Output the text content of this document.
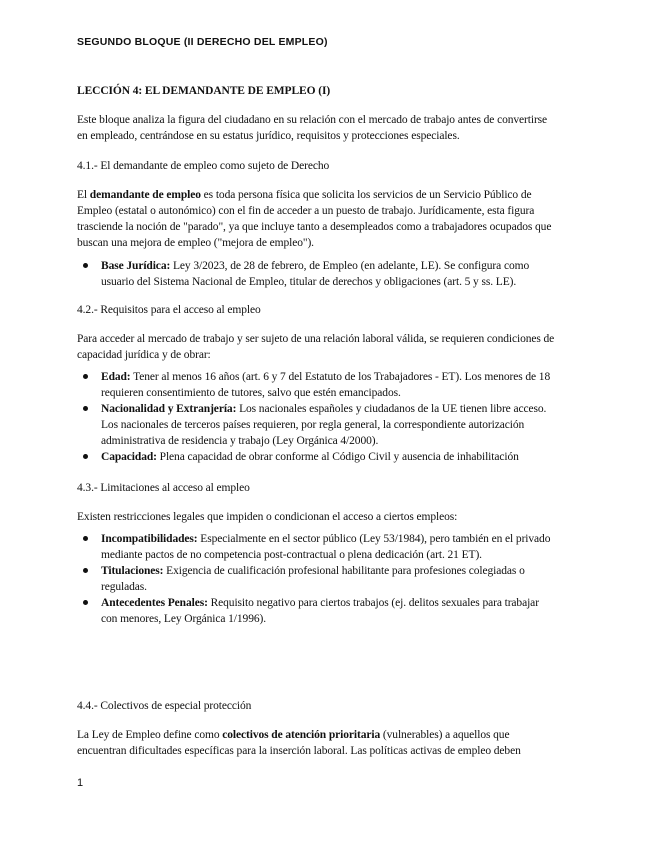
SEGUNDO BLOQUE (II DERECHO DEL EMPLEO)
LECCIÓN 4: EL DEMANDANTE DE EMPLEO (I)

Este bloque analiza la figura del ciudadano en su relación con el mercado de trabajo antes de convertirse en empleado, centrándose en su estatus jurídico, requisitos y protecciones especiales.

4.1.- El demandante de empleo como sujeto de Derecho

El demandante de empleo es toda persona física que solicita los servicios de un Servicio Público de Empleo (estatal o autonómico) con el fin de acceder a un puesto de trabajo. Jurídicamente, esta figura trasciende la noción de "parado", ya que incluye tanto a desempleados como a trabajadores ocupados que buscan una mejora de empleo ("mejora de empleo").

Base Jurídica: Ley 3/2023, de 28 de febrero, de Empleo (en adelante, LE). Se configura como usuario del Sistema Nacional de Empleo, titular de derechos y obligaciones (art. 5 y ss. LE).
4.2.- Requisitos para el acceso al empleo

Para acceder al mercado de trabajo y ser sujeto de una relación laboral válida, se requieren condiciones de capacidad jurídica y de obrar:

Edad: Tener al menos 16 años (art. 6 y 7 del Estatuto de los Trabajadores - ET). Los menores de 18 requieren consentimiento de tutores, salvo que estén emancipados.
Nacionalidad y Extranjería: Los nacionales españoles y ciudadanos de la UE tienen libre acceso. Los nacionales de terceros países requieren, por regla general, la correspondiente autorización administrativa de residencia y trabajo (Ley Orgánica 4/2000).
Capacidad: Plena capacidad de obrar conforme al Código Civil y ausencia de inhabilitación
4.3.- Limitaciones al acceso al empleo

Existen restricciones legales que impiden o condicionan el acceso a ciertos empleos:

Incompatibilidades: Especialmente en el sector público (Ley 53/1984), pero también en el privado mediante pactos de no competencia post-contractual o plena dedicación (art. 21 ET).
Titulaciones: Exigencia de cualificación profesional habilitante para profesiones colegiadas o reguladas.
Antecedentes Penales: Requisito negativo para ciertos trabajos (ej. delitos sexuales para trabajar con menores, Ley Orgánica 1/1996).
4.4.- Colectivos de especial protección

La Ley de Empleo define como colectivos de atención prioritaria (vulnerables) a aquellos que encuentran dificultades específicas para la inserción laboral. Las políticas activas de empleo deben

1
